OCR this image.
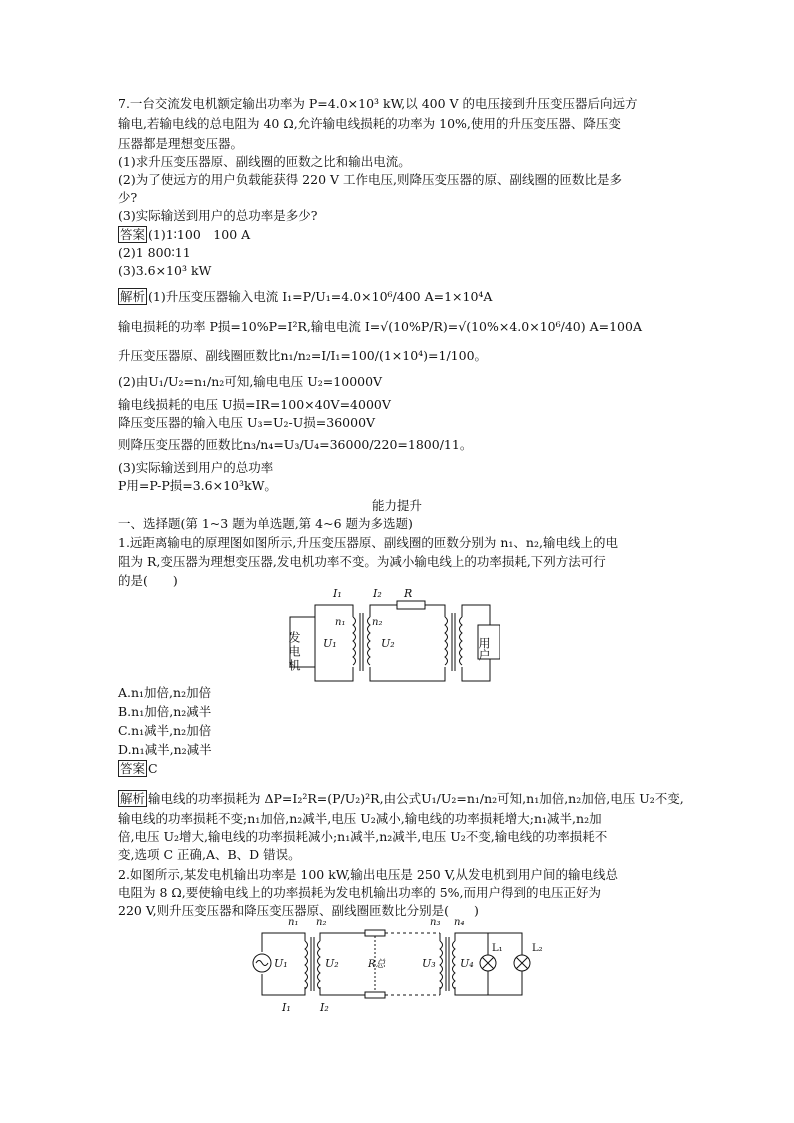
7.一台交流发电机额定输出功率为 P=4.0×10³ kW,以 400 V 的电压接到升压变压器后向远方
输电,若输电线的总电阻为 40 Ω,允许输电线损耗的功率为 10%,使用的升压变压器、降压变
压器都是理想变压器。
(1)求升压变压器原、副线圈的匝数之比和输出电流。
(2)为了使远方的用户负载能获得 220 V 工作电压,则降压变压器的原、副线圈的匝数比是多
少?
(3)实际输送到用户的总功率是多少?
答案 (1)1∶100　100 A
(2)1 800∶11
(3)3.6×10³ kW
解析 (1)升压变压器输入电流 I₁=P/U₁=4.0×10⁶/400 A=1×10⁴A
输电损耗的功率 P损=10%P=I²R,输电电流 I=√(10%P/R)=√(10%×4.0×10⁶/40) A=100A
升压变压器原、副线圈匝数比n₁/n₂=I/I₁=100/(1×10⁴)=1/100。
(2)由U₁/U₂=n₁/n₂可知,输电电压 U₂=10000V
输电线损耗的电压 U损=IR=100×40V=4000V
降压变压器的输入电压 U₃=U₂-U损=36000V
则降压变压器的匝数比n₃/n₄=U₃/U₄=36000/220=1800/11。
(3)实际输送到用户的总功率
P用=P-P损=3.6×10³kW。
能力提升
一、选择题(第 1~3 题为单选题,第 4~6 题为多选题)
1.远距离输电的原理图如图所示,升压变压器原、副线圈的匝数分别为 n₁、n₂,输电线上的电
阻为 R,变压器为理想变压器,发电机功率不变。为减小输电线上的功率损耗,下列方法可行
的是(　　)
发电机	用户
I₁	I₂ R
n₁	n₂
U₁	U₂
A.n₁加倍,n₂加倍
B.n₁加倍,n₂减半
C.n₁减半,n₂加倍
D.n₁减半,n₂减半
答案 C
解析 输电线的功率损耗为 ΔP=I₂²R=(P/U₂)²R,由公式U₁/U₂=n₁/n₂可知,n₁加倍,n₂加倍,电压 U₂不变,
输电线的功率损耗不变;n₁加倍,n₂减半,电压 U₂减小,输电线的功率损耗增大;n₁减半,n₂加
倍,电压 U₂增大,输电线的功率损耗减小;n₁减半,n₂减半,电压 U₂不变,输电线的功率损耗不
变,选项 C 正确,A、B、D 错误。
2.如图所示,某发电机输出功率是 100 kW,输出电压是 250 V,从发电机到用户间的输电线总
电阻为 8 Ω,要使输电线上的功率损耗为发电机输出功率的 5%,而用户得到的电压正好为
220 V,则升压变压器和降压变压器原、副线圈匝数比分别是(　　)
n₁ n₂	n₃ n₄
U₁	U₂	U₃ U₄
R总
L₁	L₂
I₁	I₂
